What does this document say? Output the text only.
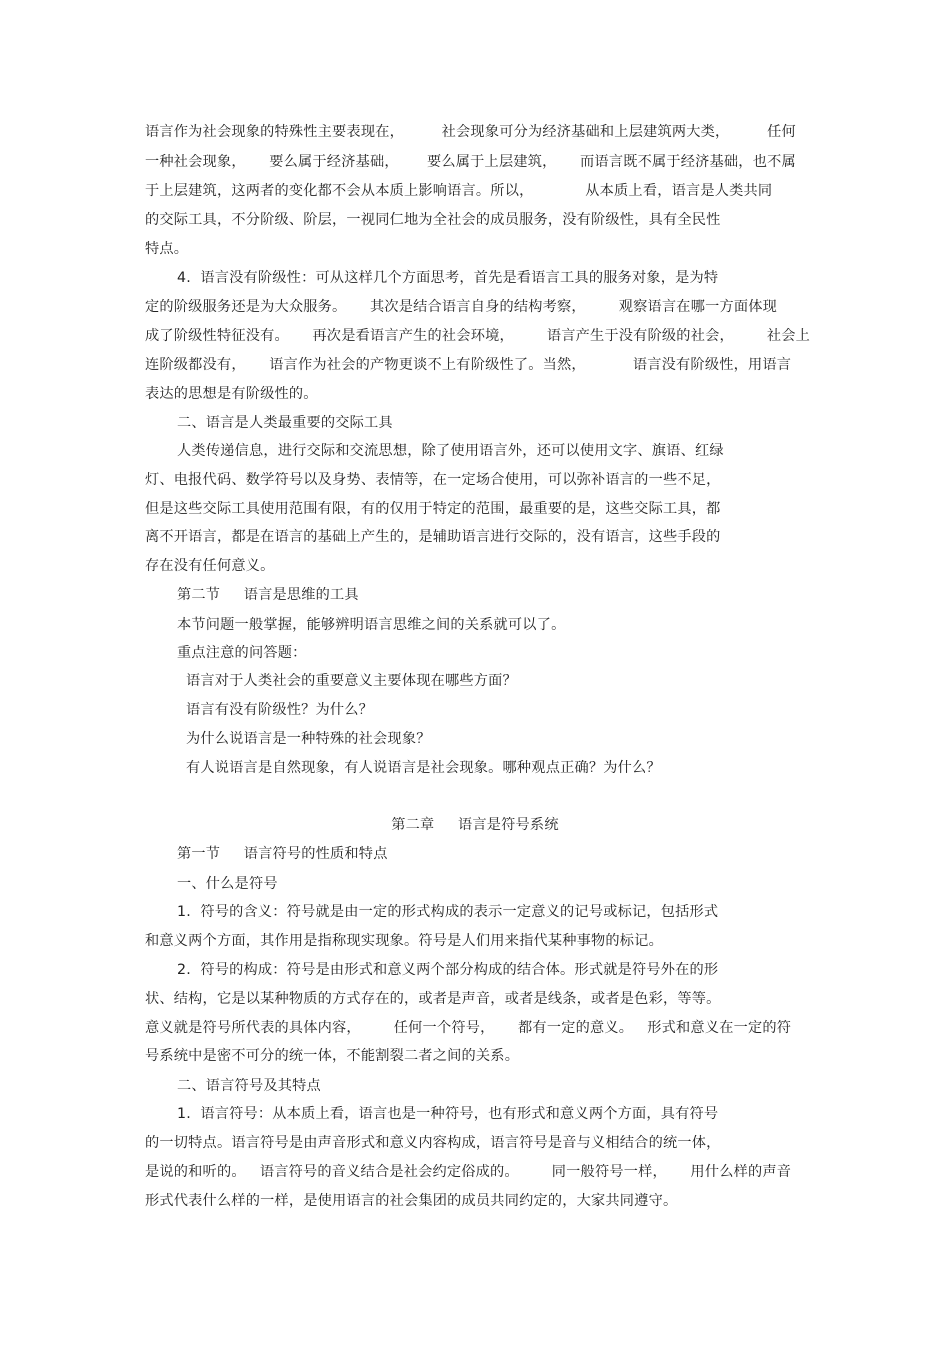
语言作为社会现象的特殊性主要表现在，        社会现象可分为经济基础和上层建筑两大类，        任何
一种社会现象，     要么属于经济基础，      要么属于上层建筑，     而语言既不属于经济基础，也不属
于上层建筑，这两者的变化都不会从本质上影响语言。所以，           从本质上看，语言是人类共同
的交际工具，不分阶级、阶层，一视同仁地为全社会的成员服务，没有阶级性，具有全民性
特点。
4.  语言没有阶级性：可从这样几个方面思考，首先是看语言工具的服务对象，是为特
定的阶级服务还是为大众服务。     其次是结合语言自身的结构考察，       观察语言在哪一方面体现
成了阶级性特征没有。     再次是看语言产生的社会环境，       语言产生于没有阶级的社会，       社会上
连阶级都没有，     语言作为社会的产物更谈不上有阶级性了。当然，          语言没有阶级性，用语言
表达的思想是有阶级性的。
二、语言是人类最重要的交际工具
人类传递信息，进行交际和交流思想，除了使用语言外，还可以使用文字、旗语、红绿
灯、电报代码、数学符号以及身势、表情等，在一定场合使用，可以弥补语言的一些不足，
但是这些交际工具使用范围有限，有的仅用于特定的范围，最重要的是，这些交际工具，都
离不开语言，都是在语言的基础上产生的，是辅助语言进行交际的，没有语言，这些手段的
存在没有任何意义。
第二节     语言是思维的工具
本节问题一般掌握，能够辨明语言思维之间的关系就可以了。
重点注意的问答题：
语言对于人类社会的重要意义主要体现在哪些方面？
语言有没有阶级性？为什么？
为什么说语言是一种特殊的社会现象？
有人说语言是自然现象，有人说语言是社会现象。哪种观点正确？为什么？
第二章     语言是符号系统
第一节     语言符号的性质和特点
一、什么是符号
1.  符号的含义：符号就是由一定的形式构成的表示一定意义的记号或标记，包括形式
和意义两个方面，其作用是指称现实现象。符号是人们用来指代某种事物的标记。
2.  符号的构成：符号是由形式和意义两个部分构成的结合体。形式就是符号外在的形
状、结构，它是以某种物质的方式存在的，或者是声音，或者是线条，或者是色彩，等等。
意义就是符号所代表的具体内容，       任何一个符号，     都有一定的意义。   形式和意义在一定的符
号系统中是密不可分的统一体，不能割裂二者之间的关系。
二、语言符号及其特点
1.  语言符号：从本质上看，语言也是一种符号，也有形式和意义两个方面，具有符号
的一切特点。语言符号是由声音形式和意义内容构成，语言符号是音与义相结合的统一体，
是说的和听的。   语言符号的音义结合是社会约定俗成的。       同一般符号一样，     用什么样的声音
形式代表什么样的一样，是使用语言的社会集团的成员共同约定的，大家共同遵守。
